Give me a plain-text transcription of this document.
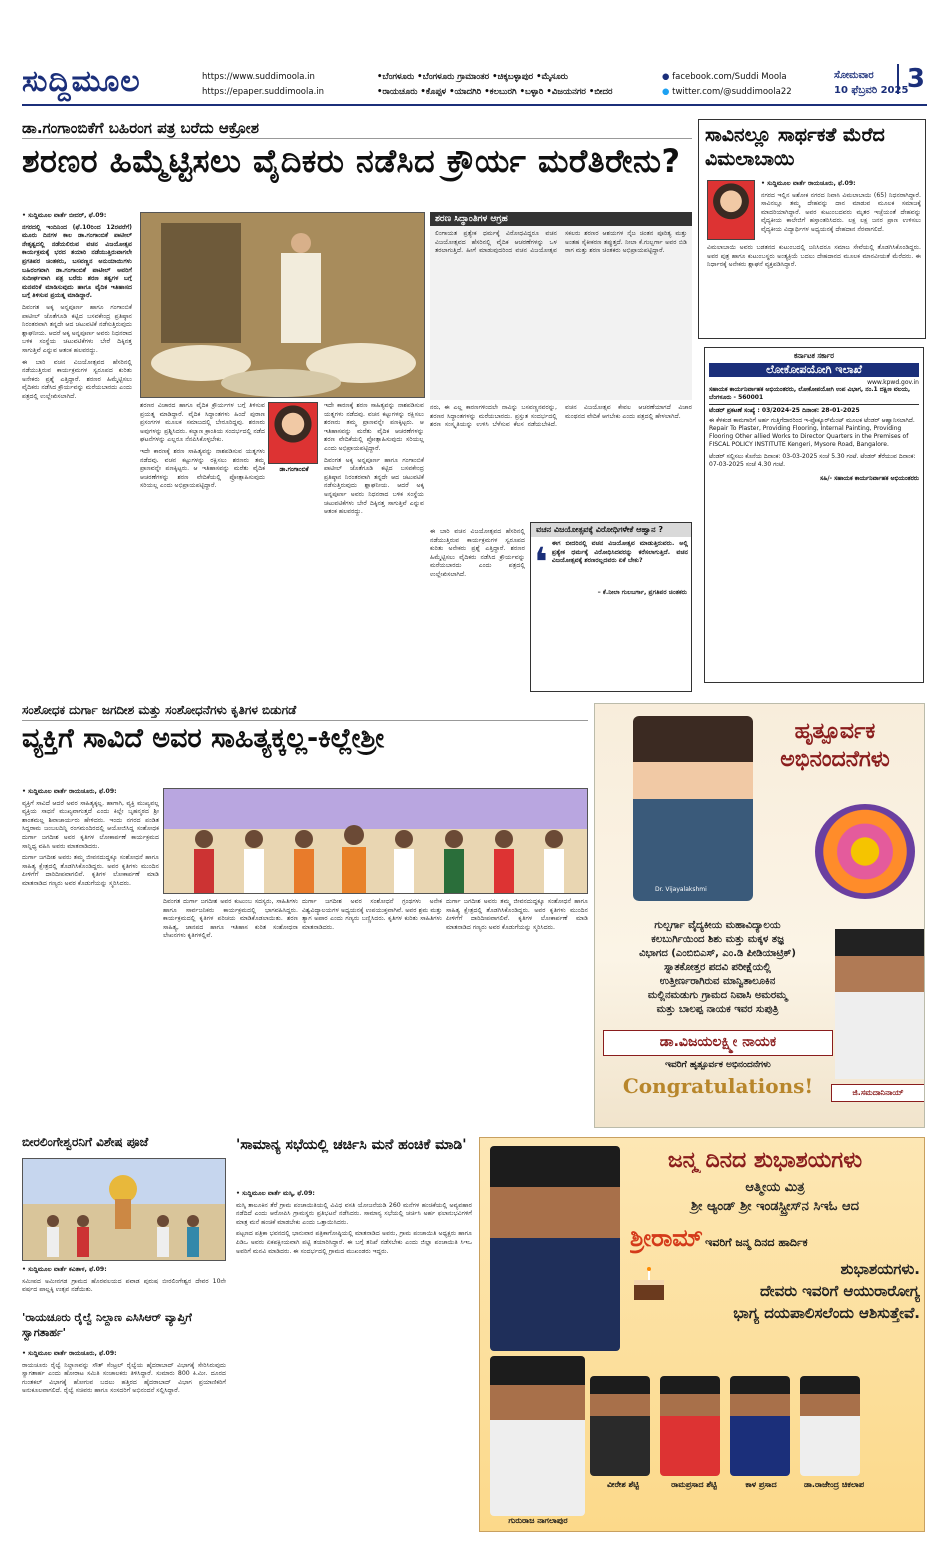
ಸುದ್ದಿಮೂಲ	https://www.suddimoola.in
https://epaper.suddimoola.in
•ಬೆಂಗಳೂರು •ಬೆಂಗಳೂರು ಗ್ರಾಮಾಂತರ •ಚಿಕ್ಕಬಳ್ಳಾಪುರ •ಮೈಸೂರು
•ರಾಯಚೂರು •ಕೊಪ್ಪಳ •ಯಾದಗಿರಿ •ಕಲಬುರಗಿ •ಬಳ್ಳಾರಿ •ವಿಜಯನಗರ •ಬೀದರ
● facebook.com/Suddi Moola
● twitter.com/@suddimoola22
ಸೋಮವಾರ
10 ಫೆಬ್ರವರಿ 2025
3
ಡಾ.ಗಂಗಾಂಬಿಕೆಗೆ ಬಹಿರಂಗ ಪತ್ರ ಬರೆದು ಆಕ್ರೋಶ
ಶರಣರ ಹಿಮ್ಮೆಟ್ಟಿಸಲು ವೈದಿಕರು ನಡೆಸಿದ ಕ್ರೌರ್ಯ ಮರೆತಿರೇನು?

• ಸುದ್ದಿಮೂಲ ವಾರ್ತೆ ಬೀದರ್, ಫೆ.09:

ನಗರದಲ್ಲಿ ಇಂದಿನಿಂದ (ಫೆ.10ರಿಂದ 12ರವರೆಗೆ) ಮೂರು ದಿನಗಳ ಕಾಲ ಡಾ.ಗಂಗಾಂಬಿಕೆ ಪಾಟೀಲ್ ನೇತೃತ್ವದಲ್ಲಿ ನಡೆಯಲಿರುವ ವಚನ ವಿಜಯೋತ್ಸವ ಕಾರ್ಯಕ್ರಮಕ್ಕೆ ಭರದ ತಯಾರಿ ನಡೆಯುತ್ತಿರುವಾಗಲೇ ಪ್ರಗತಿಪರ ಚಿಂತಕರು, ಬಸವಣ್ಣನ ಅನುಯಾಯಿಗಳು ಬಹಿರಂಗವಾಗಿ ಡಾ.ಗಂಗಾಂಬಿಕೆ ಪಾಟೀಲ್ ಅವರಿಗೆ ಸುದೀರ್ಘವಾಗಿ ಪತ್ರ ಬರೆದು ಶರಣ ತತ್ವಗಳ ಬಗ್ಗೆ ಮನವರಿಕೆ ಮಾಡಿಸುವುದು ಹಾಗೂ ವೈದಿಕ ಇತಿಹಾಸದ ಬಗ್ಗೆ ತಿಳಿಸುವ ಪ್ರಯತ್ನ ಮಾಡಿದ್ದಾರೆ.

ದಿವಂಗತ ಅಕ್ಕ ಅನ್ನಪೂರ್ಣ ಹಾಗೂ ಗಂಗಾಂಬಿಕೆ ಪಾಟೀಲ್ ಜೊತೆಗೂಡಿ ಕಟ್ಟಿದ ಬಸವಕೇಂದ್ರ ಪ್ರತಿಷ್ಠಾನ ನಿರಂತರವಾಗಿ ತನ್ನದೇ ಆದ ಚಟುವಟಿಕೆ ನಡೆಸುತ್ತಿರುವುದು ಶ್ಲಾಘನೀಯ. ಆದರೆ ಅಕ್ಕ ಅನ್ನಪೂರ್ಣ ಅವರು ನಿಧನರಾದ ಬಳಿಕ ಸಂಸ್ಥೆಯ ಚಟುವಟಿಕೆಗಳು ಬೇರೆ ದಿಕ್ಕಿನತ್ತ ಸಾಗುತ್ತಿವೆ ಎನ್ನುವ ಆತಂಕ ಹಲವರದ್ದು.

ಈ ಬಾರಿ ವಚನ ವಿಜಯೋತ್ಸವದ ಹೆಸರಿನಲ್ಲಿ ನಡೆಯುತ್ತಿರುವ ಕಾರ್ಯಕ್ರಮಗಳ ಸ್ವರೂಪದ ಕುರಿತು ಅನೇಕರು ಪ್ರಶ್ನೆ ಎತ್ತಿದ್ದಾರೆ. ಶರಣರ ಹಿಮ್ಮೆಟ್ಟಿಸಲು ವೈದಿಕರು ನಡೆಸಿದ ಕ್ರೌರ್ಯವನ್ನು ಮರೆಯಬಾರದು ಎಂದು ಪತ್ರದಲ್ಲಿ ಉಲ್ಲೇಖಿಸಲಾಗಿದೆ.

ಶರಣರ ವಿಚಾರದ ಹಾಗೂ ವೈದಿಕ ಕ್ರೌರ್ಯಗಳ ಬಗ್ಗೆ ತಿಳಿಸುವ ಪ್ರಯತ್ನ ಮಾಡಿದ್ದಾರೆ. ವೈದಿಕ ಸಿದ್ಧಾಂತಗಳು ಹಿಂದೆ ಪುರಾಣ ಪ್ರಸಂಗಗಳ ಮೂಲಕ ಸಮಾಜದಲ್ಲಿ ಬೇರೂರಿದ್ದವು. ಶರಣರು ಅವುಗಳನ್ನು ಪ್ರಶ್ನಿಸಿದರು. ಕಲ್ಯಾಣ ಕ್ರಾಂತಿಯ ಸಂದರ್ಭದಲ್ಲಿ ನಡೆದ ಘಟನೆಗಳನ್ನು ಎಲ್ಲರೂ ನೆನಪಿಸಿಕೊಳ್ಳಬೇಕು.

ಇದೇ ಕಾರಣಕ್ಕೆ ಶರಣ ಸಾಹಿತ್ಯವನ್ನು ನಾಶಪಡಿಸುವ ಯತ್ನಗಳು ನಡೆದವು. ವಚನ ಕಟ್ಟುಗಳನ್ನು ರಕ್ಷಿಸಲು ಶರಣರು ತಮ್ಮ ಪ್ರಾಣವನ್ನೇ ಪಣಕ್ಕಿಟ್ಟರು. ಆ ಇತಿಹಾಸವನ್ನು ಮರೆತು ವೈದಿಕ ಆಚರಣೆಗಳನ್ನು ಶರಣ ವೇದಿಕೆಯಲ್ಲಿ ಪ್ರೋತ್ಸಾಹಿಸುವುದು ಸರಿಯಲ್ಲ ಎಂದು ಅಭಿಪ್ರಾಯಪಟ್ಟಿದ್ದಾರೆ.

ಡಾ.ಗಂಗಾಂಬಿಕೆ

ಇದೇ ಕಾರಣಕ್ಕೆ ಶರಣ ಸಾಹಿತ್ಯವನ್ನು ನಾಶಪಡಿಸುವ ಯತ್ನಗಳು ನಡೆದವು. ವಚನ ಕಟ್ಟುಗಳನ್ನು ರಕ್ಷಿಸಲು ಶರಣರು ತಮ್ಮ ಪ್ರಾಣವನ್ನೇ ಪಣಕ್ಕಿಟ್ಟರು. ಆ ಇತಿಹಾಸವನ್ನು ಮರೆತು ವೈದಿಕ ಆಚರಣೆಗಳನ್ನು ಶರಣ ವೇದಿಕೆಯಲ್ಲಿ ಪ್ರೋತ್ಸಾಹಿಸುವುದು ಸರಿಯಲ್ಲ ಎಂದು ಅಭಿಪ್ರಾಯಪಟ್ಟಿದ್ದಾರೆ.

ದಿವಂಗತ ಅಕ್ಕ ಅನ್ನಪೂರ್ಣ ಹಾಗೂ ಗಂಗಾಂಬಿಕೆ ಪಾಟೀಲ್ ಜೊತೆಗೂಡಿ ಕಟ್ಟಿದ ಬಸವಕೇಂದ್ರ ಪ್ರತಿಷ್ಠಾನ ನಿರಂತರವಾಗಿ ತನ್ನದೇ ಆದ ಚಟುವಟಿಕೆ ನಡೆಸುತ್ತಿರುವುದು ಶ್ಲಾಘನೀಯ. ಆದರೆ ಅಕ್ಕ ಅನ್ನಪೂರ್ಣ ಅವರು ನಿಧನರಾದ ಬಳಿಕ ಸಂಸ್ಥೆಯ ಚಟುವಟಿಕೆಗಳು ಬೇರೆ ದಿಕ್ಕಿನತ್ತ ಸಾಗುತ್ತಿವೆ ಎನ್ನುವ ಆತಂಕ ಹಲವರದ್ದು.

ಶರಣ ಸಿದ್ಧಾಂತಿಗಳ ಆಗ್ರಹ
ಲಿಂಗಾಯತ ಪ್ರತ್ಯೇಕ ಧರ್ಮಕ್ಕೆ ವಿರೋಧವಿದ್ದರೂ ವಚನ ವಿಜಯೋತ್ಸವದ ಹೆಸರಿನಲ್ಲಿ ವೈದಿಕ ಆಚರಣೆಗಳನ್ನು ಒಳ ತರಲಾಗುತ್ತಿದೆ. ಹೀಗೆ ಮಾಡುವುದರಿಂದ ವಚನ ವಿಜಯೋತ್ಸವ ಸಕಲರು ಶರಣರ ಆಶಯಗಳ ನೈಜ ಚಿಂತನ ಪೂರಿತ್ಯ ಮತ್ತು ಅಂತಹ ಸೈಕೀಕರಣ ತಪ್ಪುತ್ತದೆ. ನೀಲಾ ಕೆ.ಗುಲ್ಬರ್ಗಾ ಅವರ ಬಿಡಿ ರಾಗ ಮತ್ತು ಶರಣ ಚಿಂತಕರು ಅಭಿಪ್ರಾಯಪಟ್ಟಿದ್ದಾರೆ.
ನರು, ಈ ಎಲ್ಲ ಕಾರಣಗಳಿಂದಲೇ ನಾವಿನ್ನು ಬಸವಣ್ಣನವರನ್ನು, ಶರಣರ ಸಿದ್ಧಾಂತಗಳನ್ನು ಮರೆಯಬಾರದು. ಪ್ರಸ್ತುತ ಸಂದರ್ಭದಲ್ಲಿ ಶರಣ ಸಂಸ್ಕೃತಿಯನ್ನು ಉಳಿಸಿ ಬೆಳೆಸುವ ಕೆಲಸ ನಡೆಯಬೇಕಿದೆ. ವಚನ ವಿಜಯೋತ್ಸವ ಕೇವಲ ಆಚರಣೆಯಾಗದೆ ವಿಚಾರ ಮಂಥನದ ವೇದಿಕೆ ಆಗಬೇಕು ಎಂದು ಪತ್ರದಲ್ಲಿ ಹೇಳಲಾಗಿದೆ.
ವಚನ ವಿಜಯೋತ್ಸವಕ್ಕೆ ವಿರೋಧಿಗಳೇಕೆ ಆಹ್ವಾನ ?
❛ ಈಗ ಬೀದರಿನಲ್ಲಿ ವಚನ ವಿಜಯೋತ್ಸವ ಮಾಡುತ್ತಿರುವರು. ಅಲ್ಲಿ ಪ್ರತ್ಯೇಕ ಧರ್ಮಕ್ಕೆ ವಿರೋಧಿಸಿದವರನ್ನು ಕರೆಸಲಾಗುತ್ತಿದೆ. ವಚನ ವಿಜಯೋತ್ಸವಕ್ಕೆ ಶರಣರಲ್ಲದವರು ಏಕೆ ಬೇಕು?
– ಕೆ.ನೀಲಾ ಗುಲಬರ್ಗಾ, ಪ್ರಗತಿಪರ ಚಿಂತಕರು
ಈ ಬಾರಿ ವಚನ ವಿಜಯೋತ್ಸವದ ಹೆಸರಿನಲ್ಲಿ ನಡೆಯುತ್ತಿರುವ ಕಾರ್ಯಕ್ರಮಗಳ ಸ್ವರೂಪದ ಕುರಿತು ಅನೇಕರು ಪ್ರಶ್ನೆ ಎತ್ತಿದ್ದಾರೆ. ಶರಣರ ಹಿಮ್ಮೆಟ್ಟಿಸಲು ವೈದಿಕರು ನಡೆಸಿದ ಕ್ರೌರ್ಯವನ್ನು ಮರೆಯಬಾರದು ಎಂದು ಪತ್ರದಲ್ಲಿ ಉಲ್ಲೇಖಿಸಲಾಗಿದೆ.
ಸಾವಿನಲ್ಲೂ ಸಾರ್ಥಕತೆ ಮೆರೆದ ವಿಮಲಾಬಾಯಿ

• ಸುದ್ದಿಮೂಲ ವಾರ್ತೆ ರಾಯಚೂರು, ಫೆ.09:

ನಗರದ ಇಲ್ಲಿನ ಅಶೋಕ ನಗರದ ನಿವಾಸಿ ವಿಮಲಾಬಾಯಿ (65) ನಿಧನರಾಗಿದ್ದಾರೆ. ಸಾವಿನಲ್ಲೂ ತಮ್ಮ ದೇಹವನ್ನು ದಾನ ಮಾಡುವ ಮೂಲಕ ಸಮಾಜಕ್ಕೆ ಮಾದರಿಯಾಗಿದ್ದಾರೆ. ಅವರ ಕುಟುಂಬದವರು ಮೃತರ ಇಚ್ಛೆಯಂತೆ ದೇಹವನ್ನು ವೈದ್ಯಕೀಯ ಕಾಲೇಜಿಗೆ ಹಸ್ತಾಂತರಿಸಿದರು. ಲಕ್ಷ ಲಕ್ಷ ಜನರ ಪ್ರಾಣ ಉಳಿಸಲು ವೈದ್ಯಕೀಯ ವಿದ್ಯಾರ್ಥಿಗಳ ಅಧ್ಯಯನಕ್ಕೆ ದೇಹದಾನ ನೆರವಾಗಲಿದೆ.

ವಿಮಲಾಬಾಯಿ ಅವರು ಬಡತನದ ಕುಟುಂಬದಲ್ಲಿ ಜನಿಸಿದರೂ ಸಮಾಜ ಸೇವೆಯಲ್ಲಿ ತೊಡಗಿಸಿಕೊಂಡಿದ್ದರು. ಅವರ ಪುತ್ರ ಹಾಗೂ ಕುಟುಂಬಸ್ಥರು ಅಂತ್ಯಕ್ರಿಯೆ ಬದಲು ದೇಹದಾನದ ಮೂಲಕ ಮಾನವೀಯತೆ ಮೆರೆದರು. ಈ ನಿರ್ಧಾರಕ್ಕೆ ಅನೇಕರು ಶ್ಲಾಘನೆ ವ್ಯಕ್ತಪಡಿಸಿದ್ದಾರೆ.
ಕರ್ನಾಟಕ ಸರ್ಕಾರ
ಲೋಕೋಪಯೋಗಿ ಇಲಾಖೆ
www.kpwd.gov.in
ಸಹಾಯಕ ಕಾರ್ಯನಿರ್ವಾಹಕ ಅಭಿಯಂತರರು, ಲೋಕೋಪಯೋಗಿ ಉಪ ವಿಭಾಗ, ನಂ.1 ದಕ್ಷಿಣ ವಲಯ, ಬೆಂಗಳೂರು - 560001
ಟೆಂಡರ್ ಪ್ರಕಟಣೆ ಸಂಖ್ಯೆ : 03/2024-25 ದಿನಾಂಕ: 28-01-2025
ಈ ಕೆಳಕಂಡ ಕಾಮಗಾರಿಗೆ ಅರ್ಹ ಗುತ್ತಿಗೆದಾರರಿಂದ ಇ-ಪ್ರೊಕ್ಯೂರ್‌ಮೆಂಟ್ ಮೂಲಕ ಟೆಂಡರ್ ಆಹ್ವಾನಿಸಲಾಗಿದೆ. Repair To Plaster, Providing Flooring, Internal Painting, Providing Flooring Other allied Works to Director Quarters in the Premises of FISCAL POLICY INSTITUTE Kengeri, Mysore Road, Bangalore.
ಟೆಂಡರ್ ಸಲ್ಲಿಸಲು ಕೊನೆಯ ದಿನಾಂಕ: 03-03-2025 ಸಂಜೆ 5.30 ಗಂಟೆ. ಟೆಂಡರ್ ತೆರೆಯುವ ದಿನಾಂಕ: 07-03-2025 ಸಂಜೆ 4.30 ಗಂಟೆ.
ಸಹಿ/- ಸಹಾಯಕ ಕಾರ್ಯನಿರ್ವಾಹಕ ಅಭಿಯಂತರರು
ಸಂಶೋಧಕ ದುರ್ಗಾ ಜಗದೀಶ ಮತ್ತು ಸಂಶೋಧನೆಗಳು ಕೃತಿಗಳ ಬಿಡುಗಡೆ
ವ್ಯಕ್ತಿಗೆ ಸಾವಿದೆ ಅವರ ಸಾಹಿತ್ಯಕ್ಕಲ್ಲ-ಕಿಲ್ಲೇಶ್ರೀ

• ಸುದ್ದಿಮೂಲ ವಾರ್ತೆ ರಾಯಚೂರು, ಫೆ.09:

ವ್ಯಕ್ತಿಗೆ ಸಾವಿದೆ ಆದರೆ ಅವರ ಸಾಹಿತ್ಯಕ್ಕಲ್ಲ. ಹಾಗಾಗಿ, ವ್ಯಕ್ತಿ ಮುಖ್ಯವಲ್ಲ ವ್ಯಕ್ತಿಯ ಸಾಧನೆ ಮುಖ್ಯವಾಗುತ್ತದೆ ಎಂದು ಕಿಲ್ಲೇ ಬೃಹನ್ಮಠದ ಶ್ರೀ ಶಾಂತಮಲ್ಲ ಶಿವಾಚಾರ್ಯರು ಹೇಳಿದರು. ಇಂದು ನಗರದ ಪಂಡಿತ ಸಿದ್ದರಾಮ ಜಂಬಲದಿನ್ನಿ ರಂಗಮಂದಿರದಲ್ಲಿ ಆಯೋಜಿಸಿದ್ದ ಸಂಶೋಧಕ ದುರ್ಗಾ ಜಗದೀಶ ಅವರ ಕೃತಿಗಳ ಲೋಕಾರ್ಪಣೆ ಕಾರ್ಯಕ್ರಮದ ಸಾನ್ನಿಧ್ಯ ವಹಿಸಿ ಅವರು ಮಾತನಾಡಿದರು.

ದುರ್ಗಾ ಜಗದೀಶ ಅವರು ತಮ್ಮ ಜೀವನದುದ್ದಕ್ಕೂ ಸಂಶೋಧನೆ ಹಾಗೂ ಸಾಹಿತ್ಯ ಕ್ಷೇತ್ರದಲ್ಲಿ ತೊಡಗಿಸಿಕೊಂಡಿದ್ದರು. ಅವರ ಕೃತಿಗಳು ಮುಂದಿನ ಪೀಳಿಗೆಗೆ ದಾರಿದೀಪವಾಗಲಿವೆ. ಕೃತಿಗಳ ಲೋಕಾರ್ಪಣೆ ಮಾಡಿ ಮಾತನಾಡಿದ ಗಣ್ಯರು ಅವರ ಕೊಡುಗೆಯನ್ನು ಸ್ಮರಿಸಿದರು.

ದಿವಂಗತ ದುರ್ಗಾ ಜಗದೀಶ ಅವರ ಕುಟುಂಬ ಸದಸ್ಯರು, ಸಾಹಿತಿಗಳು ಹಾಗೂ ಸಾರ್ವಜನಿಕರು ಕಾರ್ಯಕ್ರಮದಲ್ಲಿ ಭಾಗವಹಿಸಿದ್ದರು. ಕಾರ್ಯಕ್ರಮದಲ್ಲಿ ಕೃತಿಗಳ ಪರಿಚಯ ಮಾಡಿಕೊಡಲಾಯಿತು. ಶರಣ ಸಾಹಿತ್ಯ, ಜಾನಪದ ಹಾಗೂ ಇತಿಹಾಸ ಕುರಿತ ಸಂಶೋಧನಾ ಲೇಖನಗಳು ಕೃತಿಗಳಲ್ಲಿವೆ.
ದುರ್ಗಾ ಜಗದೀಶ ಅವರ ಸಂಶೋಧನೆ ಗ್ರಂಥಗಳು ಅನೇಕ ವಿಶ್ವವಿದ್ಯಾಲಯಗಳ ಅಧ್ಯಯನಕ್ಕೆ ಉಪಯುಕ್ತವಾಗಿವೆ. ಅವರ ಶ್ರಮ ಮತ್ತು ತ್ಯಾಗ ಅಪಾರ ಎಂದು ಗಣ್ಯರು ಬಣ್ಣಿಸಿದರು. ಕೃತಿಗಳ ಕುರಿತು ಸಾಹಿತಿಗಳು ಮಾತನಾಡಿದರು.
ದುರ್ಗಾ ಜಗದೀಶ ಅವರು ತಮ್ಮ ಜೀವನದುದ್ದಕ್ಕೂ ಸಂಶೋಧನೆ ಹಾಗೂ ಸಾಹಿತ್ಯ ಕ್ಷೇತ್ರದಲ್ಲಿ ತೊಡಗಿಸಿಕೊಂಡಿದ್ದರು. ಅವರ ಕೃತಿಗಳು ಮುಂದಿನ ಪೀಳಿಗೆಗೆ ದಾರಿದೀಪವಾಗಲಿವೆ. ಕೃತಿಗಳ ಲೋಕಾರ್ಪಣೆ ಮಾಡಿ ಮಾತನಾಡಿದ ಗಣ್ಯರು ಅವರ ಕೊಡುಗೆಯನ್ನು ಸ್ಮರಿಸಿದರು.
ಹೃತ್ಪೂರ್ವಕ
ಅಭಿನಂದನೆಗಳು
Dr. Vijayalakshmi
ಗುಲ್ಬರ್ಗಾ ವೈದ್ಯಕೀಯ ಮಹಾವಿದ್ಯಾಲಯ
ಕಲಬುರ್ಗಿಯಿಂದ ಶಿಶು ಮತ್ತು ಮಕ್ಕಳ ತಜ್ಞ
ವಿಭಾಗದ (ಎಂಬಿಬಿಎಸ್, ಎಂ.ಡಿ ಪೀಡಿಯಾಟ್ರಿಕ್)
ಸ್ನಾತಕೋತ್ತರ ಪದವಿ ಪರೀಕ್ಷೆಯಲ್ಲಿ
ಉತ್ತೀರ್ಣರಾಗಿರುವ ಮಾನ್ವಿತಾಲೂಕಿನ
ಮಲ್ಲಿನಮಡುಗು ಗ್ರಾಮದ ನಿವಾಸಿ ಅಮರಮ್ಮ
ಮತ್ತು ಬಾಲಪ್ಪ ನಾಯಕ ಇವರ ಸುಪುತ್ರಿ
ಡಾ.ವಿಜಯಲಕ್ಷ್ಮೀ ನಾಯಕ
ಇವರಿಗೆ ಹೃತ್ಪೂರ್ವಕ ಅಭಿನಂದನೆಗಳು
Congratulations!	ಜಿ.ಸಮದಾನಿನಾಯ್
ಬೀರಲಿಂಗೇಶ್ವರನಿಗೆ ವಿಶೇಷ ಪೂಜೆ

• ಸುದ್ದಿಮೂಲ ವಾರ್ತೆ ಕವಿತಾಳ, ಫೆ.09:

ಸಮೀಪದ ಅಮೀನಗಡ ಗ್ರಾಮದ ಹೊರವಲಯದ ಪವಾಡ ಪುರುಷ ಬೀರಲಿಂಗೇಶ್ವರ ದೇವರ 10ನೇ ವರ್ಷದ ಪಾಲ್ಲಕ್ಕಿ ಉತ್ಸವ ನಡೆಯಿತು.

'ರಾಯಚೂರು ರೈಲ್ವೆ ನಿಲ್ದಾಣ ಎಸಿಸಿಆರ್ ವ್ಯಾಪ್ತಿಗೆ ಸ್ವಾಗತಾರ್ಹ'

• ಸುದ್ದಿಮೂಲ ವಾರ್ತೆ ರಾಯಚೂರು, ಫೆ.09:

ರಾಯಚೂರು ರೈಲ್ವೆ ನಿಲ್ದಾಣವನ್ನು ಸೌತ್ ಸೆಂಟ್ರಲ್ ರೈಲ್ವೆಯ ಹೈದರಾಬಾದ್ ವಿಭಾಗಕ್ಕೆ ಸೇರಿಸಿರುವುದು ಸ್ವಾಗತಾರ್ಹ ಎಂದು ಹೋರಾಟ ಸಮಿತಿ ಸಂಚಾಲಕರು ತಿಳಿಸಿದ್ದಾರೆ. ಸುಮಾರು 800 ಕಿ.ಮೀ. ದೂರದ ಗುಂತಕಲ್ ವಿಭಾಗಕ್ಕೆ ಹೋಗುವ ಬದಲು ಹತ್ತಿರದ ಹೈದರಾಬಾದ್ ವಿಭಾಗ ಪ್ರಯಾಣಿಕರಿಗೆ ಅನುಕೂಲವಾಗಲಿದೆ. ರೈಲ್ವೆ ಸಚಿವರು ಹಾಗೂ ಸಂಸದರಿಗೆ ಅಭಿನಂದನೆ ಸಲ್ಲಿಸಿದ್ದಾರೆ.

'ಸಾಮಾನ್ಯ ಸಭೆಯಲ್ಲಿ ಚರ್ಚಿಸಿ ಮನೆ ಹಂಚಿಕೆ ಮಾಡಿ'

• ಸುದ್ದಿಮೂಲ ವಾರ್ತೆ ಮಸ್ಕಿ, ಫೆ.09:

ಮಸ್ಕಿ ತಾಲೂಕಿನ ತೆರೆ ಗ್ರಾಮ ಪಂಚಾಯಿತಿಯಲ್ಲಿ ವಿವಿಧ ವಸತಿ ಯೋಜನೆಯಡಿ 260 ಮನೆಗಳ ಹಂಚಿಕೆಯಲ್ಲಿ ಅವ್ಯವಹಾರ ನಡೆದಿದೆ ಎಂದು ಆರೋಪಿಸಿ ಗ್ರಾಮಸ್ಥರು ಪ್ರತಿಭಟನೆ ನಡೆಸಿದರು. ಸಾಮಾನ್ಯ ಸಭೆಯಲ್ಲಿ ಚರ್ಚಿಸಿ ಅರ್ಹ ಫಲಾನುಭವಿಗಳಿಗೆ ಮಾತ್ರ ಮನೆ ಹಂಚಿಕೆ ಮಾಡಬೇಕು ಎಂದು ಒತ್ತಾಯಿಸಿದರು.

ಪಟ್ಟಣದ ಪತ್ರಿಕಾ ಭವನದಲ್ಲಿ ಭಾನುವಾರ ಪತ್ರಿಕಾಗೋಷ್ಠಿಯಲ್ಲಿ ಮಾತನಾಡಿದ ಅವರು, ಗ್ರಾಮ ಪಂಚಾಯಿತಿ ಅಧ್ಯಕ್ಷರು ಹಾಗೂ ಪಿಡಿಒ ಅವರು ಏಕಪಕ್ಷೀಯವಾಗಿ ಪಟ್ಟಿ ತಯಾರಿಸಿದ್ದಾರೆ. ಈ ಬಗ್ಗೆ ತನಿಖೆ ನಡೆಸಬೇಕು ಎಂದು ಜಿಲ್ಲಾ ಪಂಚಾಯಿತಿ ಸಿಇಒ ಅವರಿಗೆ ಮನವಿ ಮಾಡಿದರು. ಈ ಸಂದರ್ಭದಲ್ಲಿ ಗ್ರಾಮದ ಮುಖಂಡರು ಇದ್ದರು.

ಜನ್ಮ ದಿನದ ಶುಭಾಶಯಗಳು
ಆತ್ಮೀಯ ಮಿತ್ರ
ಶ್ರೀ ಆ್ಯಂಡ್ ಶ್ರೀ ಇಂಡಸ್ಟ್ರೀಸ್‌ನ ಸಿಇಓ ಆದ
ಶ್ರೀರಾಮ್ ಇವರಿಗೆ ಜನ್ಮ ದಿನದ ಹಾರ್ದಿಕ
ಶುಭಾಶಯಗಳು.
ದೇವರು ಇವರಿಗೆ ಆಯುರಾರೋಗ್ಯ
ಭಾಗ್ಯ ದಯಪಾಲಿಸಲೆಂದು ಆಶಿಸುತ್ತೇವೆ.
ಗುರುರಾಜ ನಾಗಲಾಪುರ
ವೀರೇಶ ಶೆಟ್ಟಿ	ರಾಮಪ್ರಸಾದ ಶೆಟ್ಟಿ	ಕಾಳ ಪ್ರಸಾದ	ಡಾ.ರಾಜೇಂದ್ರ ಚಿಕಲಾಪ
